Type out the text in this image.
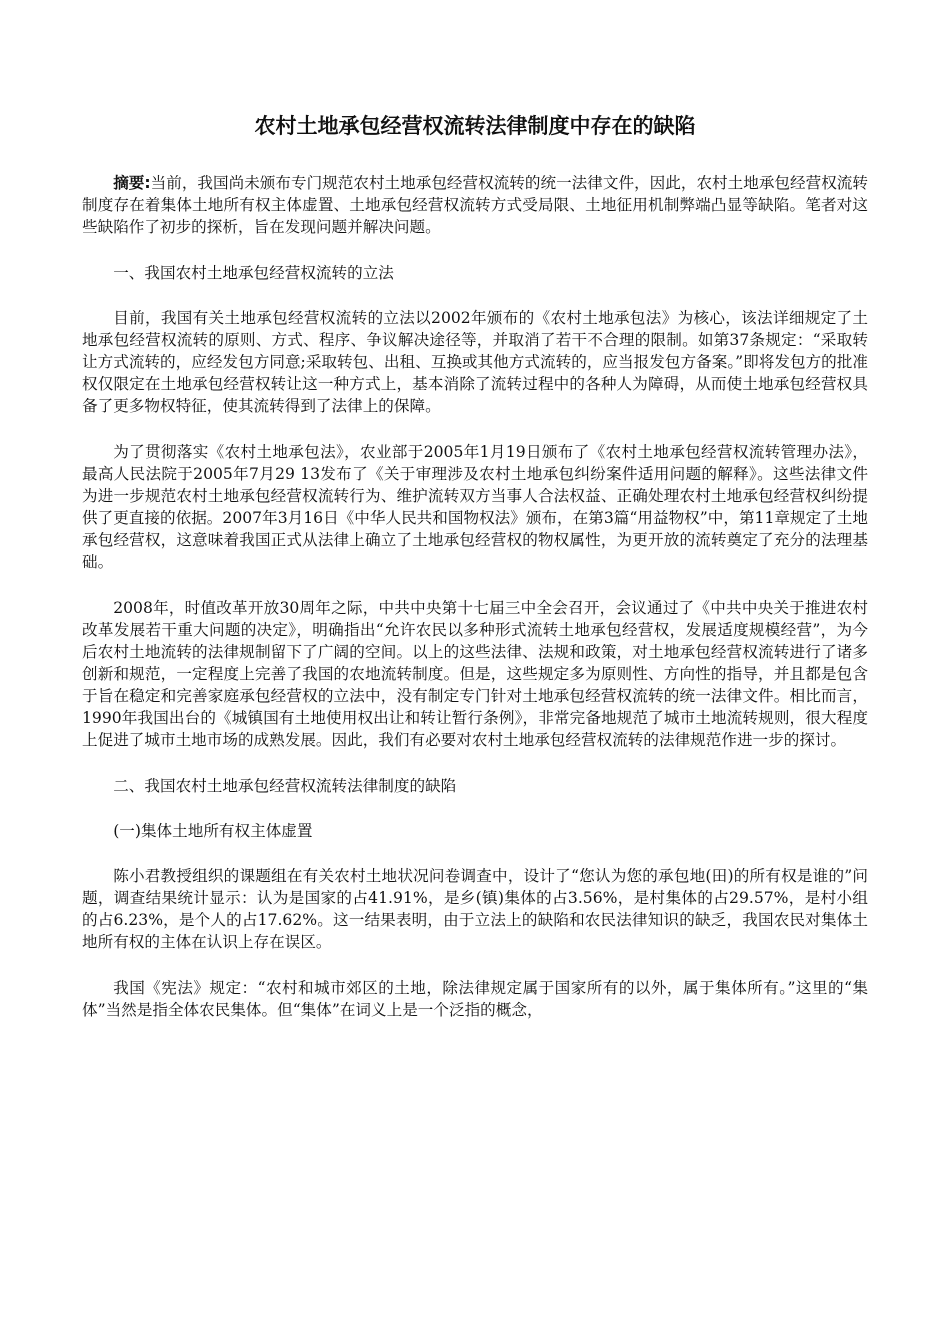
农村土地承包经营权流转法律制度中存在的缺陷

摘要:当前，我国尚未颁布专门规范农村土地承包经营权流转的统一法律文件，因此，农村土地承包经营权流转制度存在着集体土地所有权主体虚置、土地承包经营权流转方式受局限、土地征用机制弊端凸显等缺陷。笔者对这些缺陷作了初步的探析，旨在发现问题并解决问题。

一、我国农村土地承包经营权流转的立法

目前，我国有关土地承包经营权流转的立法以2002年颁布的《农村土地承包法》为核心，该法详细规定了土地承包经营权流转的原则、方式、程序、争议解决途径等，并取消了若干不合理的限制。如第37条规定：“采取转让方式流转的，应经发包方同意;采取转包、出租、互换或其他方式流转的，应当报发包方备案。”即将发包方的批准权仅限定在土地承包经营权转让这一种方式上，基本消除了流转过程中的各种人为障碍，从而使土地承包经营权具备了更多物权特征，使其流转得到了法律上的保障。

为了贯彻落实《农村土地承包法》，农业部于2005年1月19日颁布了《农村土地承包经营权流转管理办法》，最高人民法院于2005年7月29 13发布了《关于审理涉及农村土地承包纠纷案件适用问题的解释》。这些法律文件为进一步规范农村土地承包经营权流转行为、维护流转双方当事人合法权益、正确处理农村土地承包经营权纠纷提供了更直接的依据。2007年3月16日《中华人民共和国物权法》颁布，在第3篇“用益物权”中，第11章规定了土地承包经营权，这意味着我国正式从法律上确立了土地承包经营权的物权属性，为更开放的流转奠定了充分的法理基础。

2008年，时值改革开放30周年之际，中共中央第十七届三中全会召开，会议通过了《中共中央关于推进农村改革发展若干重大问题的决定》，明确指出“允许农民以多种形式流转土地承包经营权，发展适度规模经营”，为今后农村土地流转的法律规制留下了广阔的空间。以上的这些法律、法规和政策，对土地承包经营权流转进行了诸多创新和规范，一定程度上完善了我国的农地流转制度。但是，这些规定多为原则性、方向性的指导，并且都是包含于旨在稳定和完善家庭承包经营权的立法中，没有制定专门针对土地承包经营权流转的统一法律文件。相比而言，1990年我国出台的《城镇国有土地使用权出让和转让暂行条例》，非常完备地规范了城市土地流转规则，很大程度上促进了城市土地市场的成熟发展。因此，我们有必要对农村土地承包经营权流转的法律规范作进一步的探讨。

二、我国农村土地承包经营权流转法律制度的缺陷

(一)集体土地所有权主体虚置

陈小君教授组织的课题组在有关农村土地状况问卷调查中，设计了“您认为您的承包地(田)的所有权是谁的”问题，调查结果统计显示：认为是国家的占41.91%，是乡(镇)集体的占3.56%，是村集体的占29.57%，是村小组的占6.23%，是个人的占17.62%。这一结果表明，由于立法上的缺陷和农民法律知识的缺乏，我国农民对集体土地所有权的主体在认识上存在误区。

我国《宪法》规定：“农村和城市郊区的土地，除法律规定属于国家所有的以外，属于集体所有。”这里的“集体”当然是指全体农民集体。但“集体”在词义上是一个泛指的概念，
